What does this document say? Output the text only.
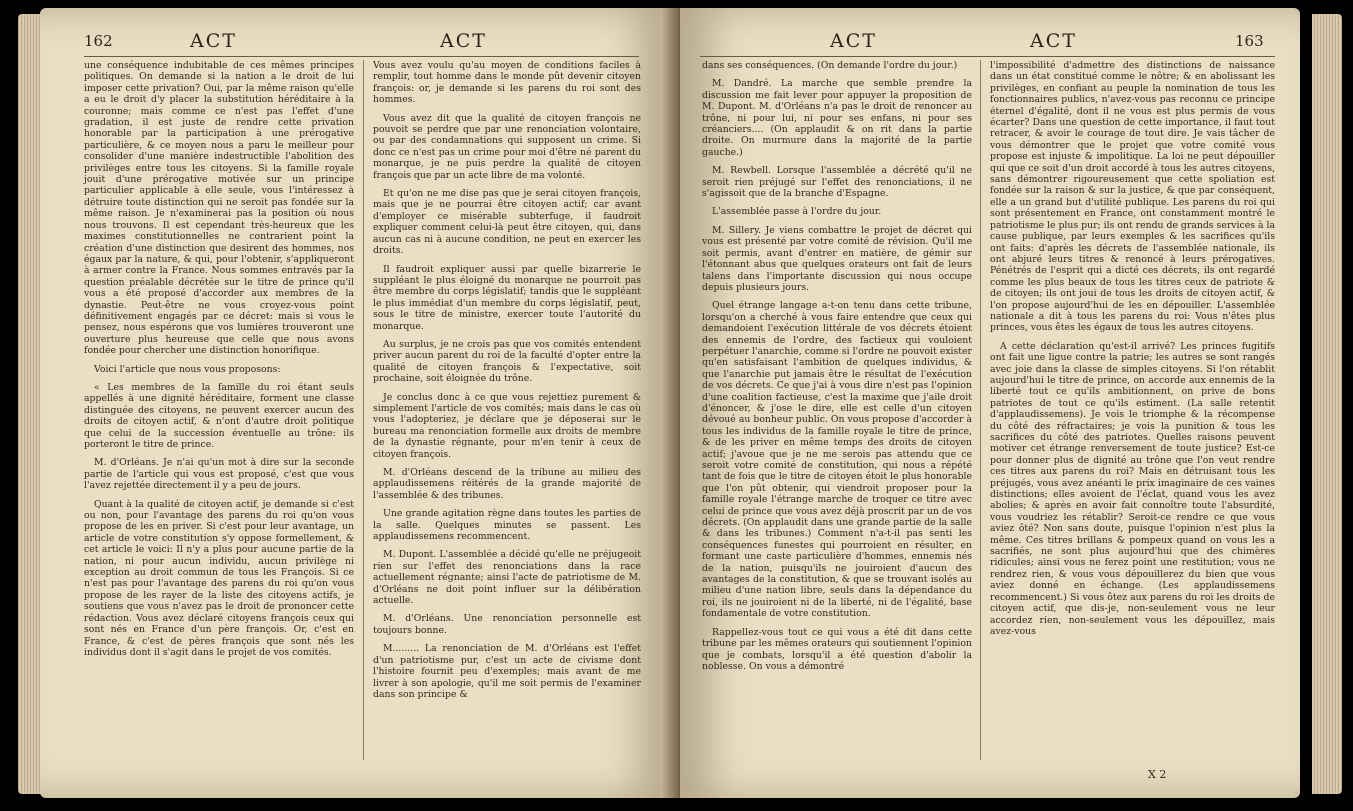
162	ACT	ACT

une conséquence indubitable de ces mêmes principes politiques. On demande si la nation a le droit de lui imposer cette privation? Oui, par la même raison qu'elle a eu le droit d'y placer la substitution héréditaire à la couronne; mais comme ce n'est pas l'effet d'une gradation, il est juste de rendre cette privation honorable par la participation à une prérogative particulière, & ce moyen nous a paru le meilleur pour consolider d'une manière indestructible l'abolition des privilèges entre tous les citoyens. Si la famille royale jouit d'une prérogative motivée sur un principe particulier applicable à elle seule, vous l'intéressez à détruire toute distinction qui ne seroit pas fondée sur la même raison. Je n'examinerai pas la position où nous nous trouvons. Il est cependant très-heureux que les maximes constitutionnelles ne contrarient point la création d'une distinction que desirent des hommes, nos égaux par la nature, & qui, pour l'obtenir, s'appliqueront à armer contre la France. Nous sommes entravés par la question préalable décrétée sur le titre de prince qu'il vous a été proposé d'accorder aux membres de la dynastie. Peut-être ne vous croyez-vous point définitivement engagés par ce décret: mais si vous le pensez, nous espérons que vos lumières trouveront une ouverture plus heureuse que celle que nous avons fondée pour chercher une distinction honorifique.

Voici l'article que nous vous proposons:

« Les membres de la famille du roi étant seuls appellés à une dignité héréditaire, forment une classe distinguée des citoyens, ne peuvent exercer aucun des droits de citoyen actif, & n'ont d'autre droit politique que celui de la succession éventuelle au trône: ils porteront le titre de prince.

M. d'Orléans. Je n'ai qu'un mot à dire sur la seconde partie de l'article qui vous est proposé, c'est que vous l'avez rejettée directement il y a peu de jours.

Quant à la qualité de citoyen actif, je demande si c'est ou non, pour l'avantage des parens du roi qu'on vous propose de les en priver. Si c'est pour leur avantage, un article de votre constitution s'y oppose formellement, & cet article le voici: Il n'y a plus pour aucune partie de la nation, ni pour aucun individu, aucun privilège ni exception au droit commun de tous les François. Si ce n'est pas pour l'avantage des parens du roi qu'on vous propose de les rayer de la liste des citoyens actifs, je soutiens que vous n'avez pas le droit de prononcer cette rédaction. Vous avez déclaré citoyens françois ceux qui sont nés en France d'un père françois. Or, c'est en France, & c'est de pères françois que sont nés les individus dont il s'agit dans le projet de vos comités.

Vous avez voulu qu'au moyen de conditions faciles à remplir, tout homme dans le monde pût devenir citoyen françois: or, je demande si les parens du roi sont des hommes.

Vous avez dit que la qualité de citoyen françois ne pouvoit se perdre que par une renonciation volontaire, ou par des condamnations qui supposent un crime. Si donc ce n'est pas un crime pour moi d'être né parent du monarque, je ne puis perdre la qualité de citoyen françois que par un acte libre de ma volonté.

Et qu'on ne me dise pas que je serai citoyen françois, mais que je ne pourrai être citoyen actif; car avant d'employer ce misérable subterfuge, il faudroit expliquer comment celui-là peut être citoyen, qui, dans aucun cas ni à aucune condition, ne peut en exercer les droits.

Il faudroit expliquer aussi par quelle bizarrerie le suppléant le plus éloigné du monarque ne pourroit pas être membre du corps législatif; tandis que le suppléant le plus immédiat d'un membre du corps législatif, peut, sous le titre de ministre, exercer toute l'autorité du monarque.

Au surplus, je ne crois pas que vos comités entendent priver aucun parent du roi de la faculté d'opter entre la qualité de citoyen françois & l'expectative, soit prochaine, soit éloignée du trône.

Je conclus donc à ce que vous rejettiez purement & simplement l'article de vos comités; mais dans le cas où vous l'adopteriez, je déclare que je déposerai sur le bureau ma renonciation formelle aux droits de membre de la dynastie régnante, pour m'en tenir à ceux de citoyen françois.

M. d'Orléans descend de la tribune au milieu des applaudissemens réitérés de la grande majorité de l'assemblée & des tribunes.

Une grande agitation règne dans toutes les parties de la salle. Quelques minutes se passent. Les applaudissemens recommencent.

M. Dupont. L'assemblée a décidé qu'elle ne préjugeoit rien sur l'effet des renonciations dans la race actuellement régnante; ainsi l'acte de patriotisme de M. d'Orléans ne doit point influer sur la délibération actuelle.

M. d'Orléans. Une renonciation personnelle est toujours bonne.

M......... La renonciation de M. d'Orléans est l'effet d'un patriotisme pur, c'est un acte de civisme dont l'histoire fournit peu d'exemples; mais avant de me livrer à son apologie, qu'il me soit permis de l'examiner dans son principe &

ACT	ACT	163

dans ses conséquences. (On demande l'ordre du jour.)

M. Dandré. La marche que semble prendre la discussion me fait lever pour appuyer la proposition de M. Dupont. M. d'Orléans n'a pas le droit de renoncer au trône, ni pour lui, ni pour ses enfans, ni pour ses créanciers.... (On applaudit & on rit dans la partie droite. On murmure dans la majorité de la partie gauche.)

M. Rewbell. Lorsque l'assemblée a décrété qu'il ne seroit rien préjugé sur l'effet des renonciations, il ne s'agissoit que de la branche d'Espagne.

L'assemblée passe à l'ordre du jour.

M. Sillery. Je viens combattre le projet de décret qui vous est présenté par votre comité de révision. Qu'il me soit permis, avant d'entrer en matière, de gémir sur l'étonnant abus que quelques orateurs ont fait de leurs talens dans l'importante discussion qui nous occupe depuis plusieurs jours.

Quel étrange langage a-t-on tenu dans cette tribune, lorsqu'on a cherché à vous faire entendre que ceux qui demandoient l'exécution littérale de vos décrets étoient des ennemis de l'ordre, des factieux qui vouloient perpétuer l'anarchie, comme si l'ordre ne pouvoit exister qu'en satisfaisant l'ambition de quelques individus, & que l'anarchie put jamais être le résultat de l'exécution de vos décrets. Ce que j'ai à vous dire n'est pas l'opinion d'une coalition factieuse, c'est la maxime que j'aile droit d'énoncer, & j'ose le dire, elle est celle d'un citoyen dévoué au bonheur public. On vous propose d'accorder à tous les individus de la famille royale le titre de prince, & de les priver en même temps des droits de citoyen actif; j'avoue que je ne me serois pas attendu que ce seroit votre comité de constitution, qui nous a répété tant de fois que le titre de citoyen étoit le plus honorable que l'on pût obtenir, qui viendroit proposer pour la famille royale l'étrange marche de troquer ce titre avec celui de prince que vous avez déjà proscrit par un de vos décrets. (On applaudit dans une grande partie de la salle & dans les tribunes.) Comment n'a-t-il pas senti les conséquences funestes qui pourroient en résulter, en formant une caste particulière d'hommes, ennemis nés de la nation, puisqu'ils ne jouiroient d'aucun des avantages de la constitution, & que se trouvant isolés au milieu d'une nation libre, seuls dans la dépendance du roi, ils ne jouiroient ni de la liberté, ni de l'égalité, base fondamentale de votre constitution.

Rappellez-vous tout ce qui vous a été dit dans cette tribune par les mêmes orateurs qui soutiennent l'opinion que je combats, lorsqu'il a été question d'abolir la noblesse. On vous a démontré

l'impossibilité d'admettre des distinctions de naissance dans un état constitué comme le nôtre; & en abolissant les privilèges, en confiant au peuple la nomination de tous les fonctionnaires publics, n'avez-vous pas reconnu ce principe éternel d'égalité, dont il ne vous est plus permis de vous écarter? Dans une question de cette importance, il faut tout retracer, & avoir le courage de tout dire. Je vais tâcher de vous démontrer que le projet que votre comité vous propose est injuste & impolitique. La loi ne peut dépouiller qui que ce soit d'un droit accordé à tous les autres citoyens, sans démontrer rigoureusement que cette spoliation est fondée sur la raison & sur la justice, & que par conséquent, elle a un grand but d'utilité publique. Les parens du roi qui sont présentement en France, ont constamment montré le patriotisme le plus pur; ils ont rendu de grands services à la cause publique, par leurs exemples & les sacrifices qu'ils ont faits: d'après les décrets de l'assemblée nationale, ils ont abjuré leurs titres & renoncé à leurs prérogatives. Pénétrés de l'esprit qui a dicté ces décrets, ils ont regardé comme les plus beaux de tous les titres ceux de patriote & de citoyen; ils ont joui de tous les droits de citoyen actif, & l'on propose aujourd'hui de les en dépouiller. L'assemblée nationale a dit à tous les parens du roi: Vous n'êtes plus princes, vous êtes les égaux de tous les autres citoyens.

A cette déclaration qu'est-il arrivé? Les princes fugitifs ont fait une ligue contre la patrie; les autres se sont rangés avec joie dans la classe de simples citoyens. Si l'on rétablit aujourd'hui le titre de prince, on accorde aux ennemis de la liberté tout ce qu'ils ambitionnent, on prive de bons patriotes de tout ce qu'ils estiment. (La salle retentit d'applaudissemens). Je vois le triomphe & la récompense du côté des réfractaires; je vois la punition & tous les sacrifices du côté des patriotes. Quelles raisons peuvent motiver cet étrange renversement de toute justice? Est-ce pour donner plus de dignité au trône que l'on veut rendre ces titres aux parens du roi? Mais en détruisant tous les préjugés, vous avez anéanti le prix imaginaire de ces vaines distinctions; elles avoient de l'éclat, quand vous les avez abolies; & après en avoir fait connoître toute l'absurdité, vous voudriez les rétablir? Seroit-ce rendre ce que vous aviez ôté? Non sans doute, puisque l'opinion n'est plus la même. Ces titres brillans & pompeux quand on vous les a sacrifiés, ne sont plus aujourd'hui que des chimères ridicules; ainsi vous ne ferez point une restitution; vous ne rendrez rien, & vous vous dépouillerez du bien que vous aviez donné en échange. (Les applaudissemens recommencent.) Si vous ôtez aux parens du roi les droits de citoyen actif, que dis-je, non-seulement vous ne leur accordez rien, non-seulement vous les dépouillez, mais avez-vous

X 2
